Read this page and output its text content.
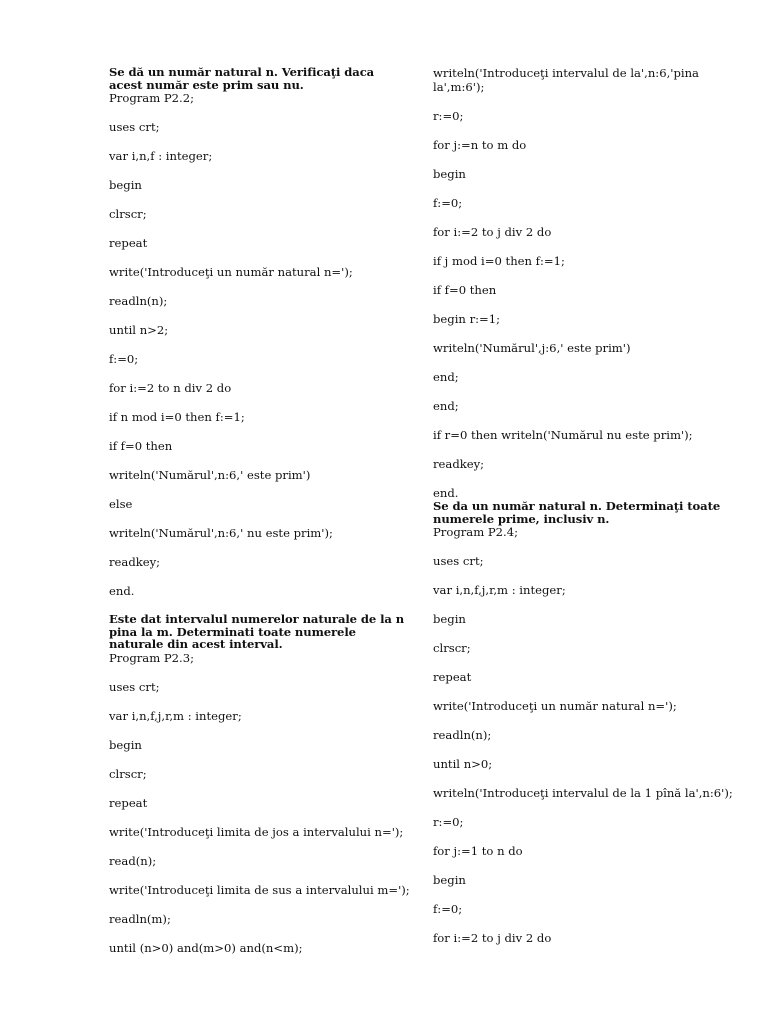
Se dă un număr natural n. Verificaţi daca acest număr este prim sau nu.
Program P2.2;
uses crt;
var i,n,f : integer;
begin
clrscr;
repeat
write('Introduceţi un număr natural n=');
readln(n);
until n>2;
f:=0;
for i:=2 to n div 2 do
if n mod i=0 then f:=1;
if f=0 then
writeln('Numărul',n:6,' este prim')
else
writeln('Numărul',n:6,' nu este prim');
readkey;
end.
Este dat intervalul numerelor naturale de la n pina la m. Determinati toate numerele naturale din acest interval.
Program P2.3;
uses crt;
var i,n,f,j,r,m : integer;
begin
clrscr;
repeat
write('Introduceţi limita de jos a intervalului n=');
read(n);
write('Introduceţi limita de sus a intervalului m=');
readln(m);
until (n>0) and(m>0) and(n<m);
writeln('Introduceţi intervalul de la',n:6,'pina la',m:6');
r:=0;
for j:=n to m do
begin
f:=0;
for i:=2 to j div 2 do
if j mod i=0 then f:=1;
if f=0 then
begin r:=1;
writeln('Numărul',j:6,' este prim')
end;
end;
if r=0 then writeln('Numărul nu este prim');
readkey;
end.
Se da un număr natural n. Determinaţi toate numerele prime, inclusiv n.
Program P2.4;
uses crt;
var i,n,f,j,r,m : integer;
begin
clrscr;
repeat
write('Introduceţi un număr natural n=');
readln(n);
until n>0;
writeln('Introduceţi intervalul de la 1 pînă la',n:6');
r:=0;
for j:=1 to n do
begin
f:=0;
for i:=2 to j div 2 do
